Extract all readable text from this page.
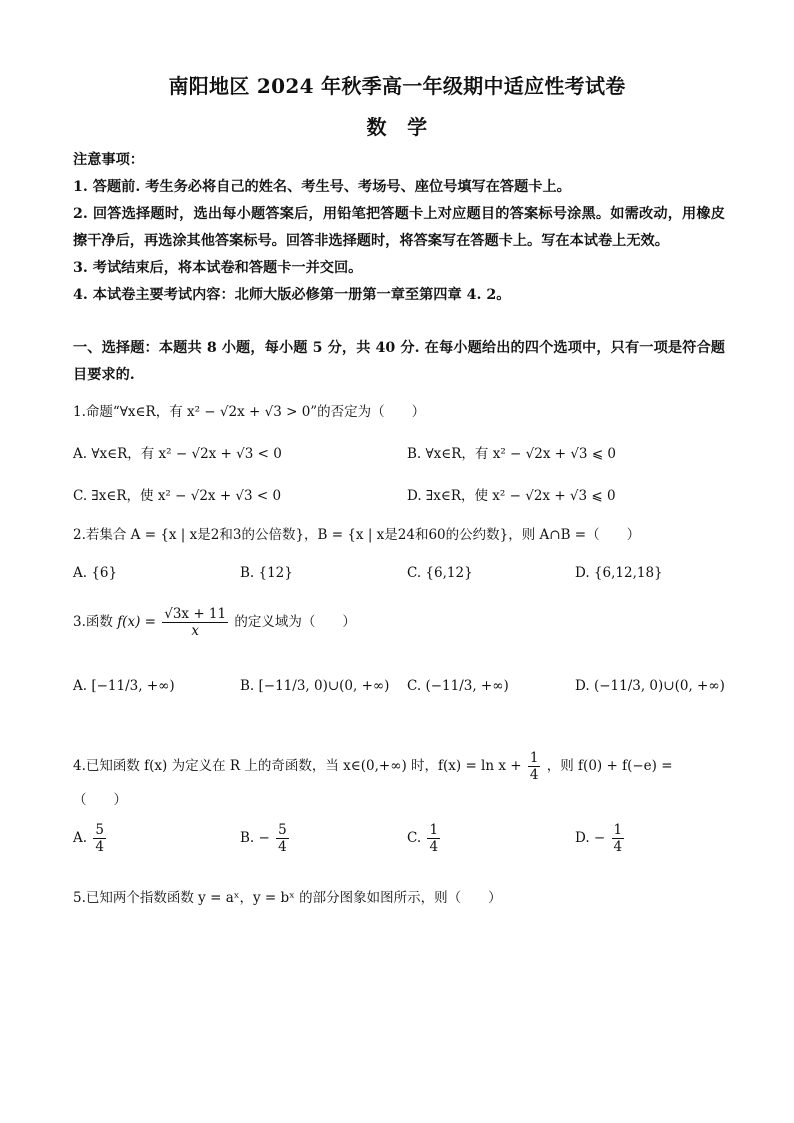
南阳地区 2024 年秋季高一年级期中适应性考试卷
数　学
注意事项：
1. 答题前. 考生务必将自己的姓名、考生号、考场号、座位号填写在答题卡上。
2. 回答选择题时，选出每小题答案后，用铅笔把答题卡上对应题目的答案标号涂黑。如需改动，用橡皮擦干净后，再选涂其他答案标号。回答非选择题时，将答案写在答题卡上。写在本试卷上无效。
3. 考试结束后，将本试卷和答题卡一并交回。
4. 本试卷主要考试内容：北师大版必修第一册第一章至第四章 4. 2。
一、选择题：本题共 8 小题，每小题 5 分，共 40 分. 在每小题给出的四个选项中，只有一项是符合题目要求的.
1.命题“∀x∈R，有 x² − √2x + √3 > 0”的否定为（　　）
A. ∀x∈R，有 x² − √2x + √3 < 0	B. ∀x∈R，有 x² − √2x + √3 ⩽ 0
C. ∃x∈R，使 x² − √2x + √3 < 0	D. ∃x∈R，使 x² − √2x + √3 ⩽ 0
2.若集合 A = {x | x是2和3的公倍数}，B = {x | x是24和60的公约数}，则 A∩B =（　　）
A. {6}	B. {12}	C. {6,12}	D. {6,12,18}
3.函数 $f(x) = \frac{√3x + 11}{x}$ 的定义域为（　　）
A. [−11/3, +∞)	B. [−11/3, 0)∪(0, +∞) C. (−11/3, +∞)	D. (−11/3, 0)∪(0, +∞)
4.已知函数 f(x) 为定义在 R 上的奇函数，当 x∈(0,+∞) 时，$f(x) = \ln x + \frac{1}{4}$ ，则 f(0) + f(−e) =
（　　）
A. $\frac{5}{4}$	B. − $\frac{5}{4}$	C. $\frac{1}{4}$	D. − $\frac{1}{4}$
5.已知两个指数函数 y = aˣ，y = bˣ 的部分图象如图所示，则（　　）
